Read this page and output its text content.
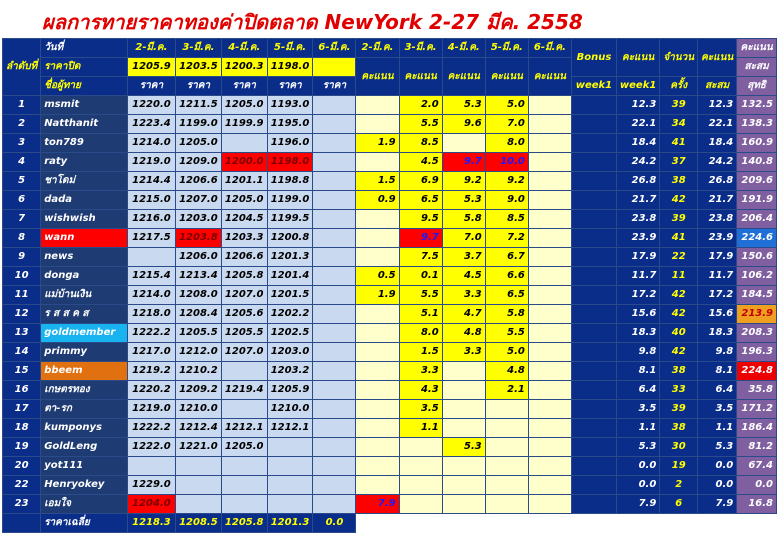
ผลการทายราคาทองค่าปิดตลาด NewYork 2-27 มีค. 2558
ลำดับที่	วันที่	2-มี.ค.	3-มี.ค.	4-มี.ค.	5-มี.ค.	6-มี.ค.	2-มี.ค.	3-มี.ค.	4-มี.ค.	5-มี.ค.	6-มี.ค.	Bonus	คะแนน	จำนวน	คะแนน	คะแนน
	ราคาปิด	1205.9	1203.5	1200.3	1198.0		คะแนน	คะแนน	คะแนน	คะแนน	คะแนน					สะสม
	ชื่อผู้ทาย	ราคา	ราคา	ราคา	ราคา	ราคา						week1	week1	ครั้ง	สะสม	สุทธิ
1	msmit	1220.0	1211.5	1205.0	1193.0			2.0	5.3	5.0			12.3	39	12.3	132.5
2	Natthanit	1223.4	1199.0	1199.9	1195.0			5.5	9.6	7.0			22.1	34	22.1	138.3
3	ton789	1214.0	1205.0		1196.0		1.9	8.5		8.0			18.4	41	18.4	160.9
4	raty	1219.0	1209.0	1200.0	1198.0			4.5	9.7	10.0			24.2	37	24.2	140.8
5	ชาโดม่	1214.4	1206.6	1201.1	1198.8		1.5	6.9	9.2	9.2			26.8	38	26.8	209.6
6	dada	1215.0	1207.0	1205.0	1199.0		0.9	6.5	5.3	9.0			21.7	42	21.7	191.9
7	wishwish	1216.0	1203.0	1204.5	1199.5			9.5	5.8	8.5			23.8	39	23.8	206.4
8	wann	1217.5	1203.8	1203.3	1200.8			9.7	7.0	7.2			23.9	41	23.9	224.6
9	news		1206.0	1206.6	1201.3			7.5	3.7	6.7			17.9	22	17.9	150.6
10	donga	1215.4	1213.4	1205.8	1201.4		0.5	0.1	4.5	6.6			11.7	11	11.7	106.2
11	แม่บ้านเงิน	1214.0	1208.0	1207.0	1201.5		1.9	5.5	3.3	6.5			17.2	42	17.2	184.5
12	ร ส ส ค ส	1218.0	1208.4	1205.6	1202.2			5.1	4.7	5.8			15.6	42	15.6	213.9
13	goldmember	1222.2	1205.5	1205.5	1202.5			8.0	4.8	5.5			18.3	40	18.3	208.3
14	primmy	1217.0	1212.0	1207.0	1203.0			1.5	3.3	5.0			9.8	42	9.8	196.3
15	bbeem	1219.2	1210.2		1203.2			3.3		4.8			8.1	38	8.1	224.8
16	เกษตรทอง	1220.2	1209.2	1219.4	1205.9			4.3		2.1			6.4	33	6.4	35.8
17	ตา-รก	1219.0	1210.0		1210.0			3.5					3.5	39	3.5	171.2
18	kumponys	1222.2	1212.4	1212.1	1212.1			1.1					1.1	38	1.1	186.4
19	GoldLeng	1222.0	1221.0	1205.0					5.3				5.3	30	5.3	81.2
20	yot111												0.0	19	0.0	67.4
22	Henryokey	1229.0											0.0	2	0.0	0.0
23	เอมใจ	1204.0					7.9						7.9	6	7.9	16.8
	ราคาเฉลี่ย	1218.3	1208.5	1205.8	1201.3	0.0										
